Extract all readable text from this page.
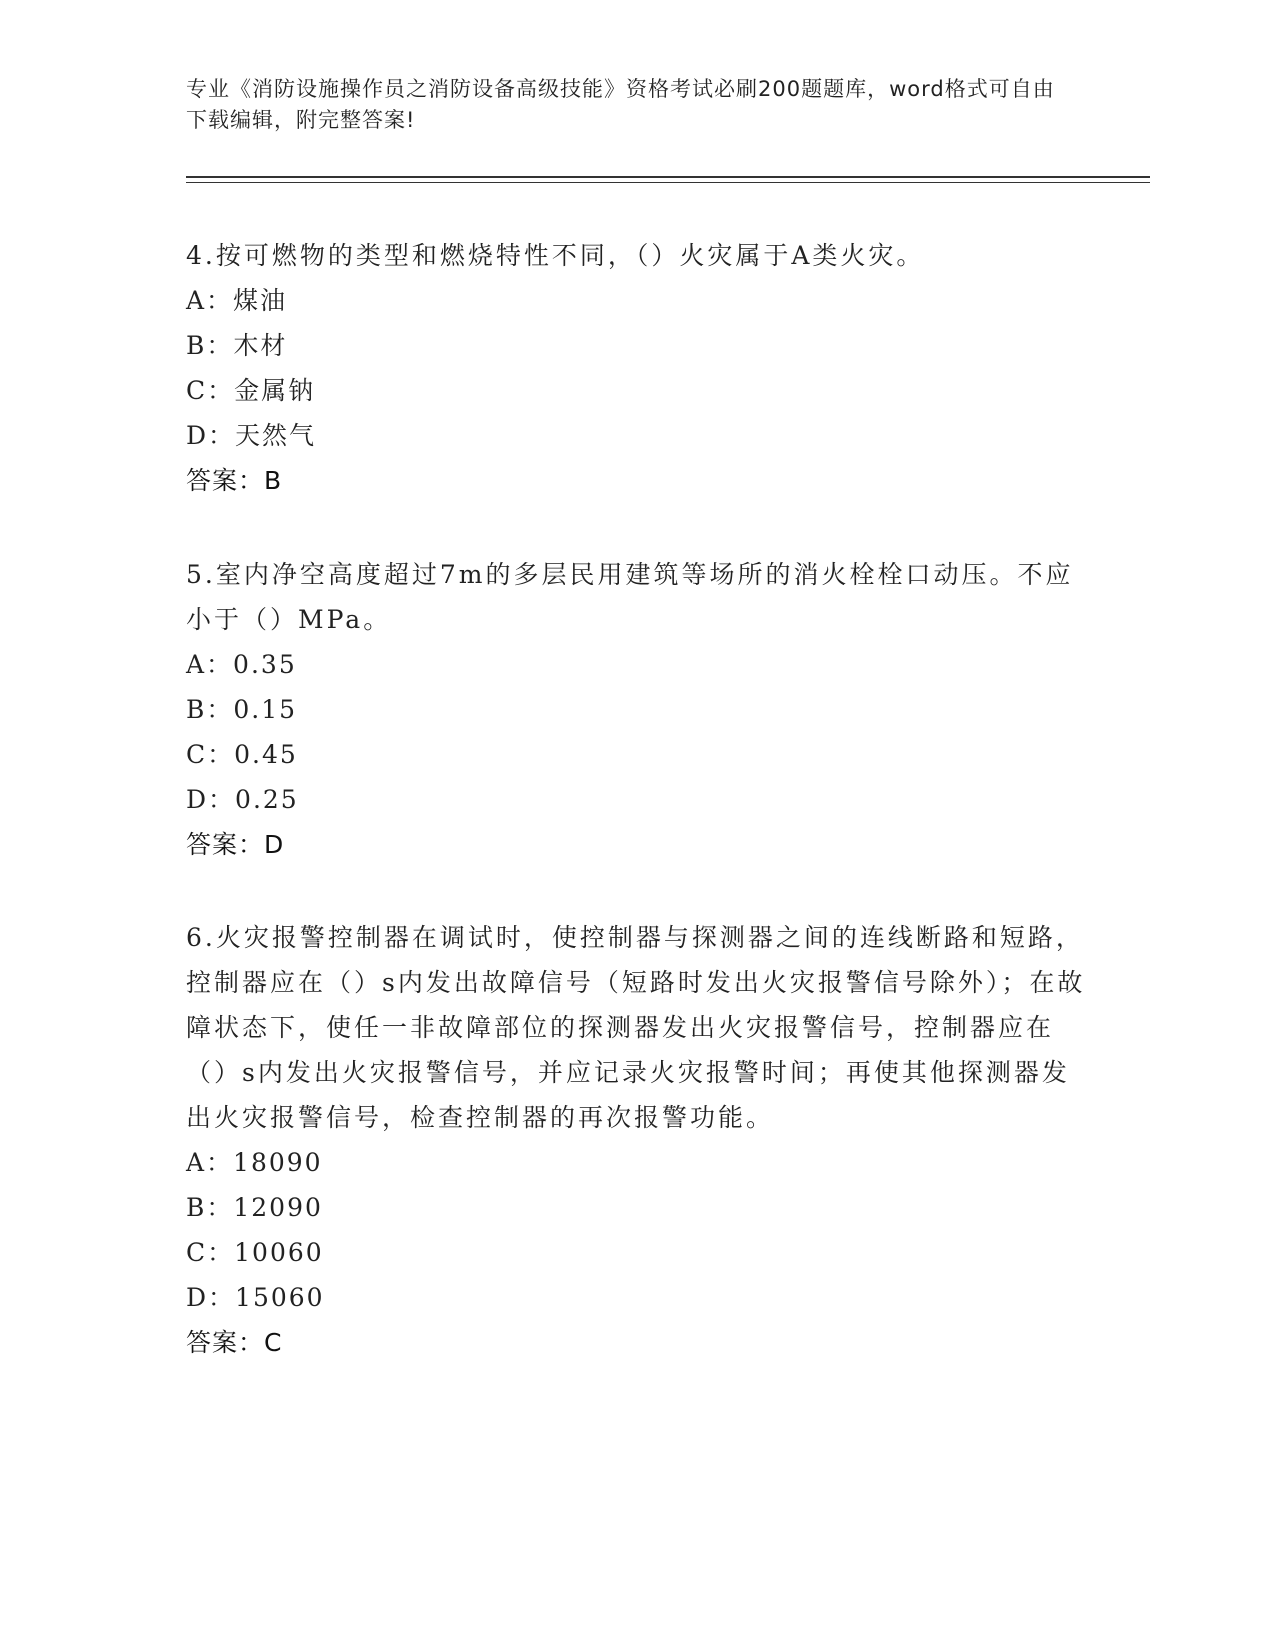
专业《消防设施操作员之消防设备高级技能》资格考试必刷200题题库，word格式可自由下载编辑，附完整答案!

4.按可燃物的类型和燃烧特性不同，（）火灾属于A类火灾。

A：煤油

B：木材

C：金属钠

D：天然气

答案：B

5.室内净空高度超过7m的多层民用建筑等场所的消火栓栓口动压。不应小于（）MPa。

A：0.35

B：0.15

C：0.45

D：0.25

答案：D

6.火灾报警控制器在调试时，使控制器与探测器之间的连线断路和短路，控制器应在（）s内发出故障信号（短路时发出火灾报警信号除外）；在故障状态下，使任一非故障部位的探测器发出火灾报警信号，控制器应在（）s内发出火灾报警信号，并应记录火灾报警时间；再使其他探测器发出火灾报警信号，检查控制器的再次报警功能。

A：18090

B：12090

C：10060

D：15060

答案：C
